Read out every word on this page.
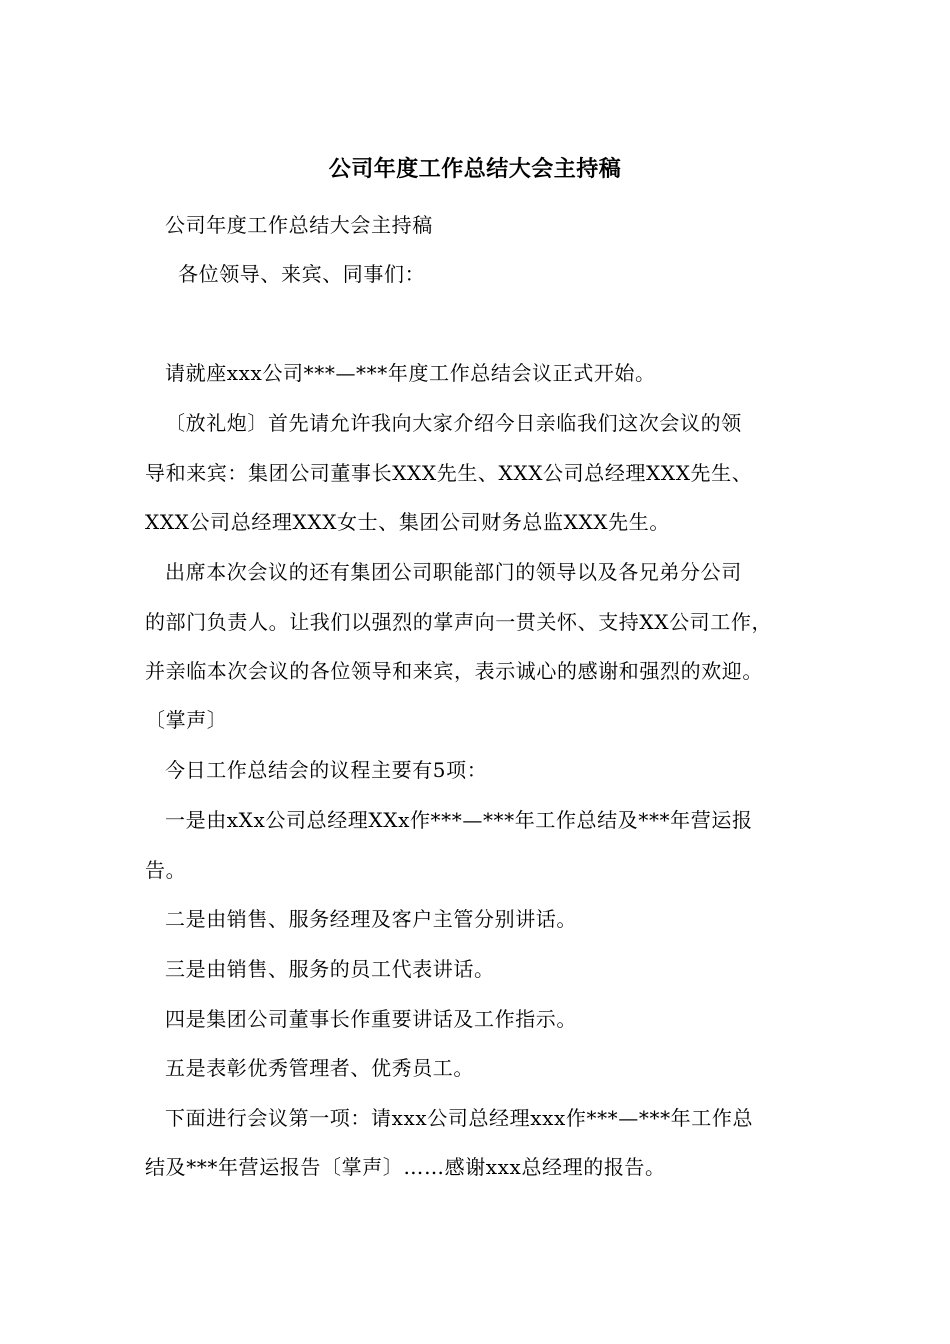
公司年度工作总结大会主持稿
公司年度工作总结大会主持稿
各位领导、来宾、同事们：
请就座xxx公司***—***年度工作总结会议正式开始。
〔放礼炮〕首先请允许我向大家介绍今日亲临我们这次会议的领
导和来宾：集团公司董事长XXX先生、XXX公司总经理XXX先生、
XXX公司总经理XXX女士、集团公司财务总监XXX先生。
出席本次会议的还有集团公司职能部门的领导以及各兄弟分公司
的部门负责人。让我们以强烈的掌声向一贯关怀、支持XX公司工作，
并亲临本次会议的各位领导和来宾，表示诚心的感谢和强烈的欢迎。
〔掌声〕
今日工作总结会的议程主要有5项：
一是由xXx公司总经理XXx作***—***年工作总结及***年营运报
告。
二是由销售、服务经理及客户主管分别讲话。
三是由销售、服务的员工代表讲话。
四是集团公司董事长作重要讲话及工作指示。
五是表彰优秀管理者、优秀员工。
下面进行会议第一项：请xxx公司总经理xxx作***—***年工作总
结及***年营运报告〔掌声〕……感谢xxx总经理的报告。
